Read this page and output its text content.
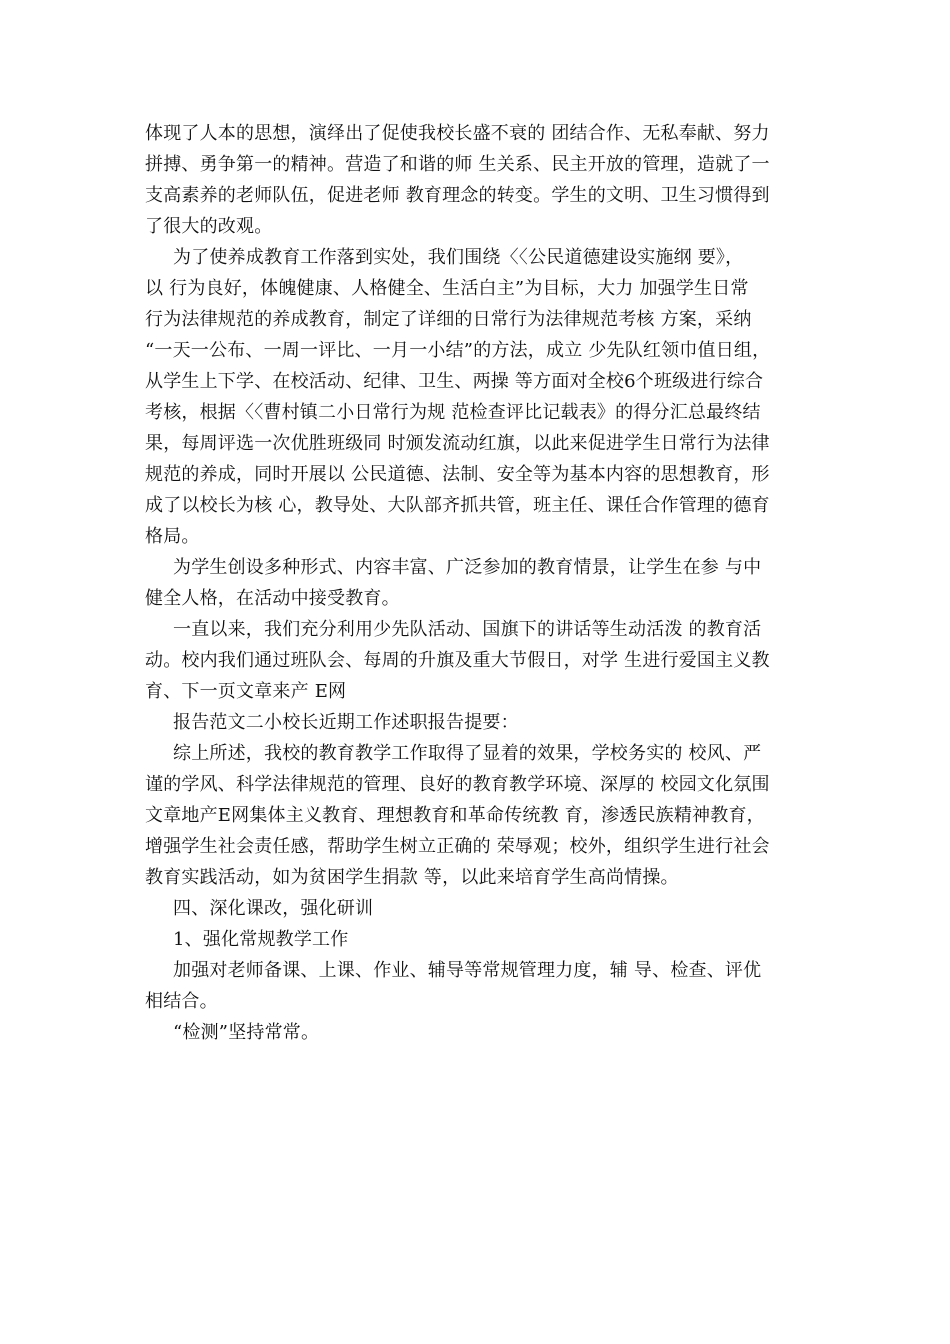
体现了人本的思想，演绎出了促使我校长盛不衰的 团结合作、无私奉献、努力
拼搏、勇争第一的精神。营造了和谐的师 生关系、民主开放的管理，造就了一
支高素养的老师队伍，促进老师 教育理念的转变。学生的文明、卫生习惯得到
了很大的改观。
为了使养成教育工作落到实处，我们围绕〈〈公民道德建设实施纲 要》，
以 行为良好，体魄健康、人格健全、生活白主”为目标，大力 加强学生日常
行为法律规范的养成教育，制定了详细的日常行为法律规范考核 方案，采纳
“一天一公布、一周一评比、一月一小结”的方法，成立 少先队红领巾值日组，
从学生上下学、在校活动、纪律、卫生、两操 等方面对全校6个班级进行综合
考核，根据〈〈曹村镇二小日常行为规 范检查评比记载表》的得分汇总最终结
果，每周评选一次优胜班级同 时颁发流动红旗，以此来促进学生日常行为法律
规范的养成，同时开展以 公民道德、法制、安全等为基本内容的思想教育，形
成了以校长为核 心，教导处、大队部齐抓共管，班主任、课任合作管理的德育
格局。
为学生创设多种形式、内容丰富、广泛参加的教育情景，让学生在参 与中
健全人格，在活动中接受教育。
一直以来，我们充分利用少先队活动、国旗下的讲话等生动活泼 的教育活
动。校内我们通过班队会、每周的升旗及重大节假日，对学 生进行爱国主义教
育、下一页文章来产 E网
报告范文二小校长近期工作述职报告提要：
综上所述，我校的教育教学工作取得了显着的效果，学校务实的 校风、严
谨的学风、科学法律规范的管理、良好的教育教学环境、深厚的 校园文化氛围
文章地产E网集体主义教育、理想教育和革命传统教 育，渗透民族精神教育，
增强学生社会责任感，帮助学生树立正确的 荣辱观；校外，组织学生进行社会
教育实践活动，如为贫困学生捐款 等，以此来培育学生高尚情操。
四、深化课改，强化研训
1、强化常规教学工作
加强对老师备课、上课、作业、辅导等常规管理力度，辅 导、检查、评优
相结合。
“检测”坚持常常。
